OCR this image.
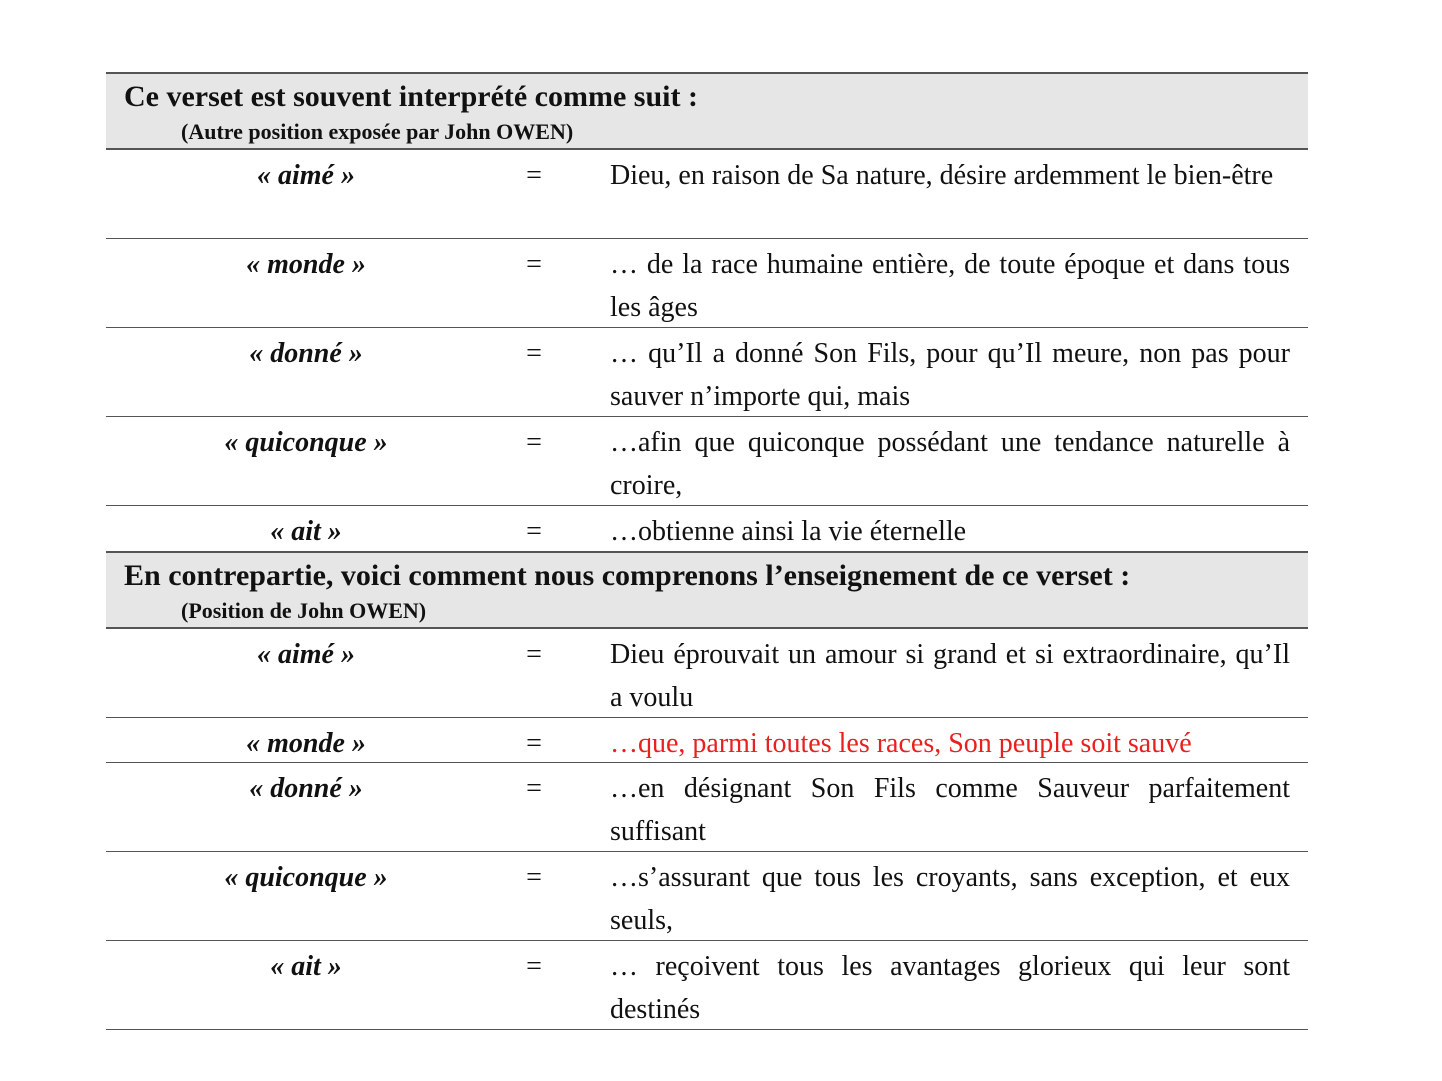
Ce verset est souvent interprété comme suit :
(Autre position exposée par John OWEN)
« aimé »	=	Dieu, en raison de Sa nature, désire ardemment le bien-être
« monde »	=	… de la race humaine entière, de toute époque et dans tous les âges
« donné »	=	… qu’Il a donné Son Fils, pour qu’Il meure, non pas pour sauver n’importe qui, mais
« quiconque »	=	…afin que quiconque possédant une tendance naturelle à croire,
« ait »	=	…obtienne ainsi la vie éternelle
En contrepartie, voici comment nous comprenons l’enseignement de ce verset :
(Position de John OWEN)
« aimé »	=	Dieu éprouvait un amour si grand et si extraordinaire, qu’Il a voulu
« monde »	=	…que, parmi toutes les races, Son peuple soit sauvé
« donné »	=	…en désignant Son Fils comme Sauveur parfaitement suffisant
« quiconque »	=	…s’assurant que tous les croyants, sans exception, et eux seuls,
« ait »	=	… reçoivent tous les avantages glorieux qui leur sont destinés
